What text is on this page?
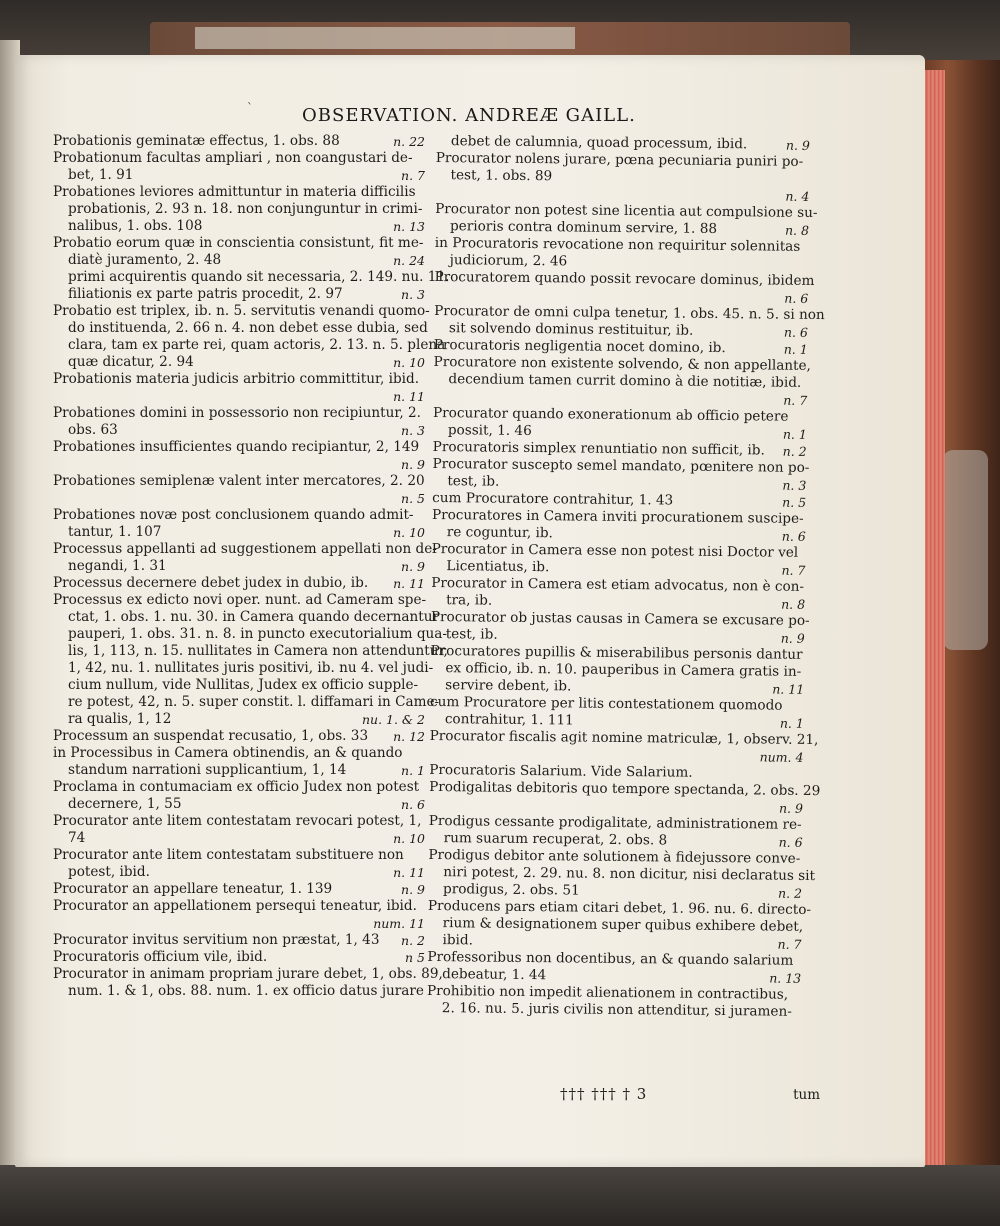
ˋ	OBSERVATION. ANDREÆ GAILL.
Probationis geminatæ effectus, 1. obs. 88	n. 22
Probationum facultas ampliari , non coangustari de-
bet, 1. 91	n. 7
Probationes leviores admittuntur in materia difficilis
probationis, 2. 93 n. 18. non conjunguntur in crimi-
nalibus, 1. obs. 108	n. 13
Probatio eorum quæ in conscientia consistunt, fit me-
diatè juramento, 2. 48	n. 24
primi acquirentis quando sit necessaria, 2. 149. nu. 11.
filiationis ex parte patris procedit, 2. 97	n. 3
Probatio est triplex, ib. n. 5. servitutis venandi quomo-
do instituenda, 2. 66 n. 4. non debet esse dubia, sed
clara, tam ex parte rei, quam actoris, 2. 13. n. 5. plena
quæ dicatur, 2. 94	n. 10
Probationis materia judicis arbitrio committitur, ibid.
n. 11
Probationes domini in possessorio non recipiuntur, 2.
obs. 63	n. 3
Probationes insufficientes quando recipiantur, 2, 149
n. 9
Probationes semiplenæ valent inter mercatores, 2. 20
n. 5
Probationes novæ post conclusionem quando admit-
tantur, 1. 107	n. 10
Processus appellanti ad suggestionem appellati non de-
negandi, 1. 31	n. 9
Processus decernere debet judex in dubio, ib. n. 11
Processus ex edicto novi oper. nunt. ad Cameram spe-
ctat, 1. obs. 1. nu. 30. in Camera quando decernantur
pauperi, 1. obs. 31. n. 8. in puncto executorialium qua-
lis, 1, 113, n. 15. nullitates in Camera non attenduntur,
1, 42, nu. 1. nullitates juris positivi, ib. nu 4. vel judi-
cium nullum, vide Nullitas, Judex ex officio supple-
re potest, 42, n. 5. super constit. l. diffamari in Came-
ra qualis, 1, 12	nu. 1. & 2
Processum an suspendat recusatio, 1, obs. 33 n. 12
in Processibus in Camera obtinendis, an & quando
standum narrationi supplicantium, 1, 14	n. 1
Proclama in contumaciam ex officio Judex non potest
decernere, 1, 55	n. 6
Procurator ante litem contestatam revocari potest, 1,
74	n. 10
Procurator ante litem contestatam substituere non
potest, ibid.	n. 11
Procurator an appellare teneatur, 1. 139	n. 9
Procurator an appellationem persequi teneatur, ibid.
num. 11
Procurator invitus servitium non præstat, 1, 43 n. 2
Procuratoris officium vile, ibid.	n 5
Procurator in animam propriam jurare debet, 1, obs. 89,
num. 1. & 1, obs. 88. num. 1. ex officio datus jurare
debet de calumnia, quoad processum, ibid.	n. 9
Procurator nolens jurare, pœna pecuniaria puniri po-
test, 1. obs. 89
n. 4
Procurator non potest sine licentia aut compulsione su-
perioris contra dominum servire, 1. 88	n. 8
in Procuratoris revocatione non requiritur solennitas
judiciorum, 2. 46
Procuratorem quando possit revocare dominus, ibidem
n. 6
Procurator de omni culpa tenetur, 1. obs. 45. n. 5. si non
sit solvendo dominus restituitur, ib.	n. 6
Procuratoris negligentia nocet domino, ib.	n. 1
Procuratore non existente solvendo, & non appellante,
decendium tamen currit domino à die notitiæ, ibid.
n. 7
Procurator quando exonerationum ab officio petere
possit, 1. 46	n. 1
Procuratoris simplex renuntiatio non sufficit, ib. n. 2
Procurator suscepto semel mandato, pœnitere non po-
test, ib.	n. 3
cum Procuratore contrahitur, 1. 43	n. 5
Procuratores in Camera inviti procurationem suscipe-
re coguntur, ib.	n. 6
Procurator in Camera esse non potest nisi Doctor vel
Licentiatus, ib.	n. 7
Procurator in Camera est etiam advocatus, non è con-
tra, ib.	n. 8
Procurator ob justas causas in Camera se excusare po-
test, ib.	n. 9
Procuratores pupillis & miserabilibus personis dantur
ex officio, ib. n. 10. pauperibus in Camera gratis in-
servire debent, ib.	n. 11
cum Procuratore per litis contestationem quomodo
contrahitur, 1. 111	n. 1
Procurator fiscalis agit nomine matriculæ, 1, observ. 21,
num. 4
Procuratoris Salarium. Vide Salarium.
Prodigalitas debitoris quo tempore spectanda, 2. obs. 29
n. 9
Prodigus cessante prodigalitate, administrationem re-
rum suarum recuperat, 2. obs. 8	n. 6
Prodigus debitor ante solutionem à fidejussore conve-
niri potest, 2. 29. nu. 8. non dicitur, nisi declaratus sit
prodigus, 2. obs. 51	n. 2
Producens pars etiam citari debet, 1. 96. nu. 6. directo-
rium & designationem super quibus exhibere debet,
ibid.	n. 7
Professoribus non docentibus, an & quando salarium
debeatur, 1. 44	n. 13
Prohibitio non impedit alienationem in contractibus,
2. 16. nu. 5. juris civilis non attenditur, si juramen-
††† ††† † 3	tum
